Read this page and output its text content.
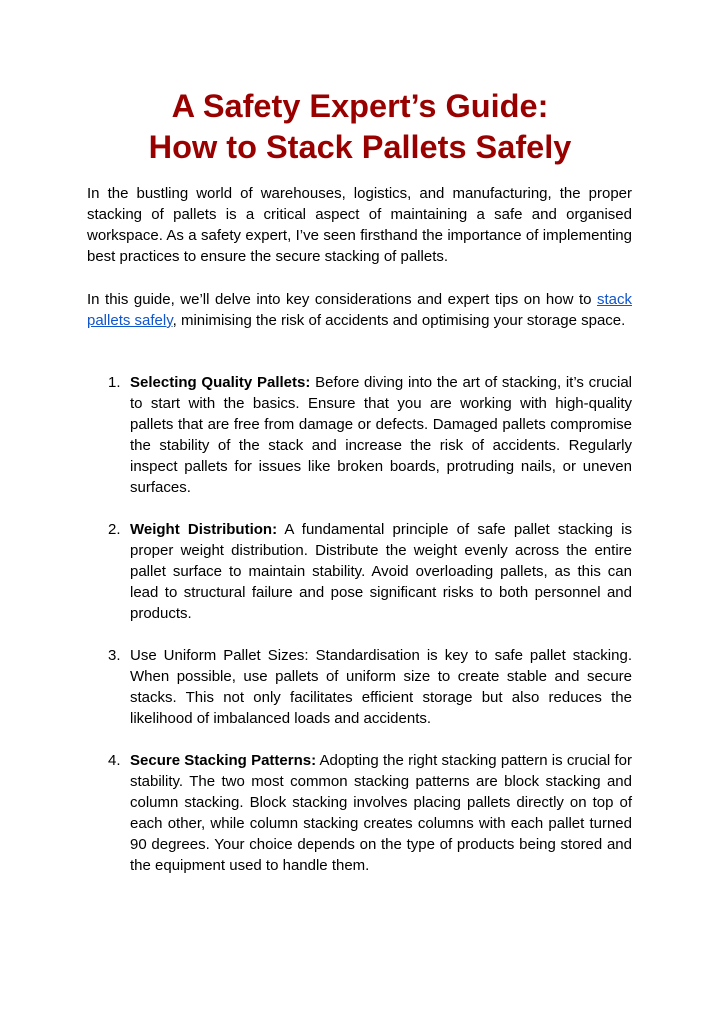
A Safety Expert’s Guide:
How to Stack Pallets Safely

In the bustling world of warehouses, logistics, and manufacturing, the proper stacking of pallets is a critical aspect of maintaining a safe and organised workspace. As a safety expert, I’ve seen firsthand the importance of implementing best practices to ensure the secure stacking of pallets.

In this guide, we’ll delve into key considerations and expert tips on how to stack pallets safely, minimising the risk of accidents and optimising your storage space.

1. Selecting Quality Pallets: Before diving into the art of stacking, it’s crucial to start with the basics. Ensure that you are working with high-quality pallets that are free from damage or defects. Damaged pallets compromise the stability of the stack and increase the risk of accidents. Regularly inspect pallets for issues like broken boards, protruding nails, or uneven surfaces.
2. Weight Distribution: A fundamental principle of safe pallet stacking is proper weight distribution. Distribute the weight evenly across the entire pallet surface to maintain stability. Avoid overloading pallets, as this can lead to structural failure and pose significant risks to both personnel and products.
3. Use Uniform Pallet Sizes: Standardisation is key to safe pallet stacking. When possible, use pallets of uniform size to create stable and secure stacks. This not only facilitates efficient storage but also reduces the likelihood of imbalanced loads and accidents.
4. Secure Stacking Patterns: Adopting the right stacking pattern is crucial for stability. The two most common stacking patterns are block stacking and column stacking. Block stacking involves placing pallets directly on top of each other, while column stacking creates columns with each pallet turned 90 degrees. Your choice depends on the type of products being stored and the equipment used to handle them.
